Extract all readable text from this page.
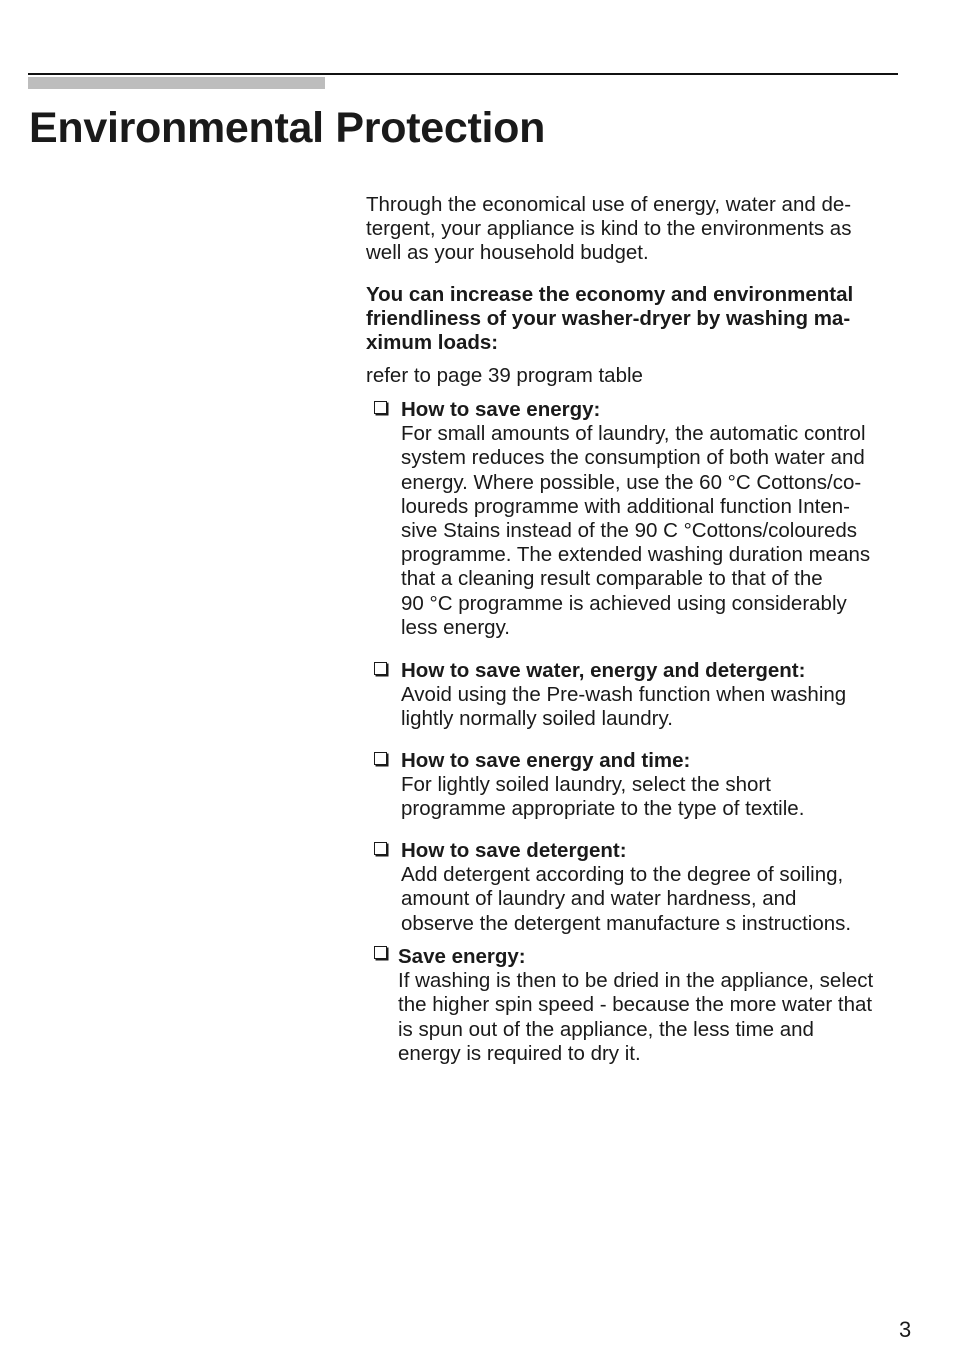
Environmental Protection

Through the economical use of energy, water and de-
tergent, your appliance is kind to the environments as
well as your household budget.

You can increase the economy and environmental
friendliness of your washer-dryer by washing ma-
ximum loads:

refer to page 39 program table

How to save energy:
For small amounts of laundry, the automatic control
system reduces the consumption of both water and
energy. Where possible, use the 60 °C Cottons/co-
loureds programme with additional function Inten-
sive Stains instead of the 90 C °Cottons/coloureds
programme. The extended washing duration means
that a cleaning result comparable to that of the
90 °C programme is achieved using considerably
less energy.
How to save water, energy and detergent:
Avoid using the Pre-wash function when washing
lightly normally soiled laundry.
How to save energy and time:
For lightly soiled laundry, select the short
programme appropriate to the type of textile.
How to save detergent:
Add detergent according to the degree of soiling,
amount of laundry and water hardness, and
observe the detergent manufacture s instructions.
Save energy:
If washing is then to be dried in the appliance, select
the higher spin speed - because the more water that
is spun out of the appliance, the less time and
energy is required to dry it.
3
